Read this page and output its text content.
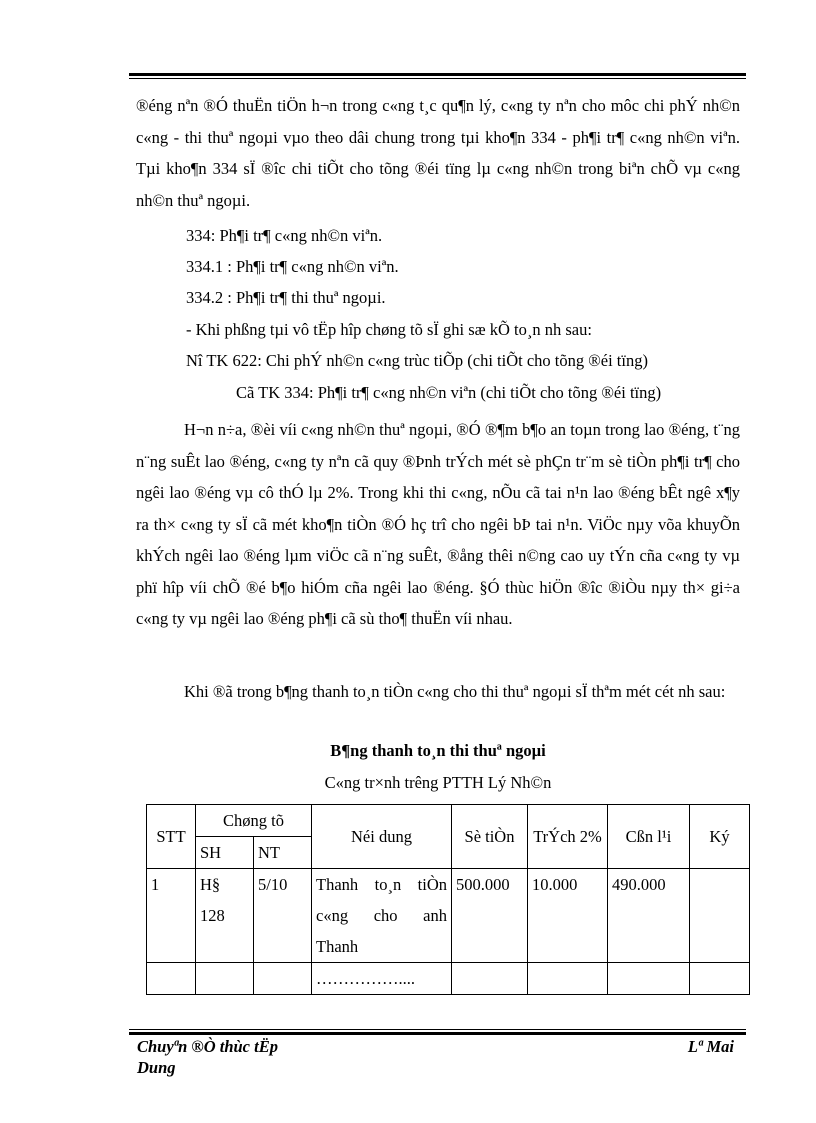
®éng nªn ®Ó thuËn tiÖn h¬n trong c«ng t¸c qu¶n lý, c«ng ty nªn cho môc chi phÝ nh©n c«ng - thi thuª ngoµi vµo theo dâi chung trong tµi kho¶n 334 - ph¶i tr¶ c«ng nh©n viªn. Tµi kho¶n 334 sÏ ®îc chi tiÕt cho tõng ®éi tïng lµ c«ng nh©n trong biªn chÕ vµ c«ng nh©n thuª ngoµi.

334: Ph¶i tr¶ c«ng nh©n viªn.

334.1 : Ph¶i tr¶ c«ng nh©n viªn.

334.2 : Ph¶i tr¶ thi thuª ngoµi.

- Khi phßng tµi vô tËp hîp chøng tõ sÏ ghi sæ kÕ to¸n nh sau:

Nî TK 622: Chi phÝ nh©n c«ng trùc tiÕp (chi tiÕt cho tõng ®éi tïng)

Cã TK 334: Ph¶i tr¶ c«ng nh©n viªn (chi tiÕt cho tõng ®éi tïng)

H¬n n÷a, ®èi víi c«ng nh©n thuª ngoµi, ®Ó ®¶m b¶o an toµn trong lao ®éng, t¨ng n¨ng suÊt lao ®éng, c«ng ty nªn cã quy ®Þnh trÝch mét sè phÇn tr¨m sè tiÒn ph¶i tr¶ cho ngêi lao ®éng vµ cô thÓ lµ 2%. Trong khi thi c«ng, nÕu cã tai n¹n lao ®éng bÊt ngê x¶y ra th× c«ng ty sÏ cã mét kho¶n tiÒn ®Ó hç trî cho ngêi bÞ tai n¹n. ViÖc nµy võa khuyÕn khÝch ngêi lao ®éng lµm viÖc cã n¨ng suÊt, ®ång thêi n©ng cao uy tÝn cña c«ng ty vµ phï hîp víi chÕ ®é b¶o hiÓm cña ngêi lao ®éng. §Ó thùc hiÖn ®îc ®iÒu nµy th× gi÷a c«ng ty vµ ngêi lao ®éng ph¶i cã sù tho¶ thuËn víi nhau.

Khi ®ã trong b¶ng thanh to¸n tiÒn c«ng cho thi thuª ngoµi sÏ thªm mét cét nh sau:

B¶ng thanh to¸n thi thuª ngoµi

C«ng tr×nh trêng PTTH Lý Nh©n

STT	Chøng tõ		Néi dung	Sè tiÒn	TrÝch 2%	Cßn l¹i	Ký
	SH	NT					
1	H§ 128	5/10	Thanh to¸n tiÒn c«ng cho anh Thanh	500.000	10.000	490.000	
			……………....				
Chuyªn ®Ò thùc tËp
Dung
Lª Mai
